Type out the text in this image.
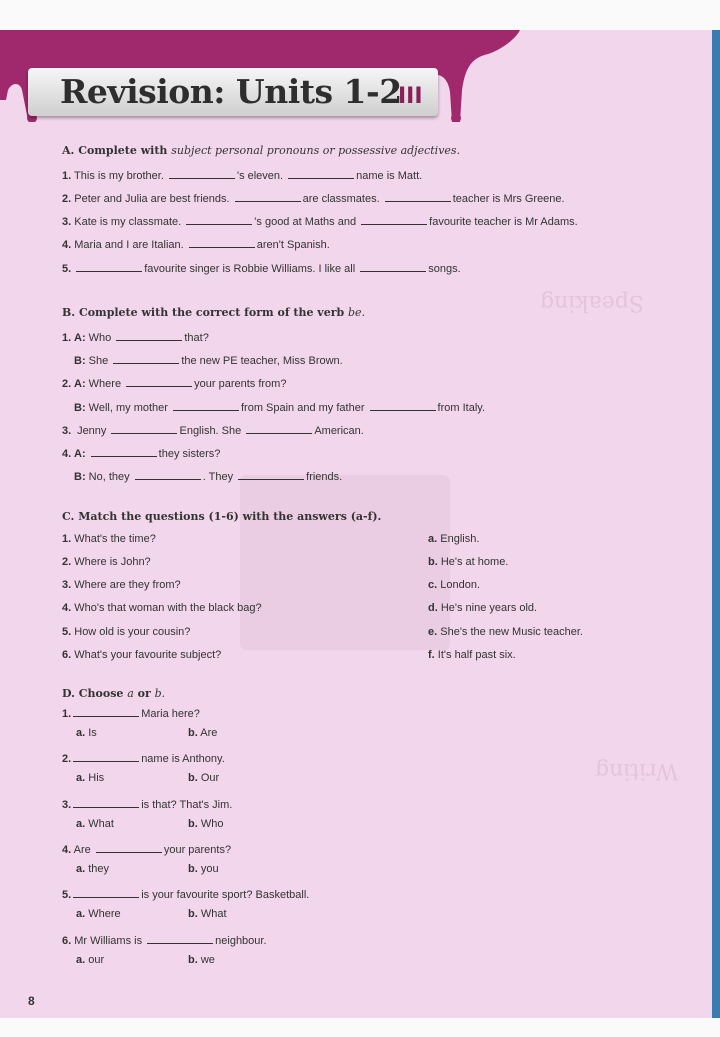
Speaking
Writing
Revision: Units 1-2
III
A. Complete with subject personal pronouns or possessive adjectives.
1. This is my brother.	's eleven.	name is Matt.
2. Peter and Julia are best friends.	are classmates.	teacher is Mrs Greene.
3. Kate is my classmate.	's good at Maths and	favourite teacher is Mr Adams.
4. Maria and I are Italian.	aren't Spanish.
5.	favourite singer is Robbie Williams. I like all	songs.
B. Complete with the correct form of the verb be.
1. A: Who	that?
B: She	the new PE teacher, Miss Brown.
2. A: Where	your parents from?
B: Well, my mother	from Spain and my father	from Italy.
3. Jenny	English. She	American.
4. A:	they sisters?
B: No, they	. They	friends.
C. Match the questions (1-6) with the answers (a-f).
1. What's the time?	a. English.
2. Where is John?	b. He's at home.
3. Where are they from?	c. London.
4. Who's that woman with the black bag?	d. He's nine years old.
5. How old is your cousin?	e. She's the new Music teacher.
6. What's your favourite subject?	f. It's half past six.
D. Choose a or b.
1.	Maria here?
a. Is	b. Are
2.	name is Anthony.
a. His	b. Our
3.	is that? That's Jim.
a. What	b. Who
4. Are	your parents?
a. they	b. you
5.	is your favourite sport? Basketball.
a. Where	b. What
6. Mr Williams is	neighbour.
a. our	b. we
8
